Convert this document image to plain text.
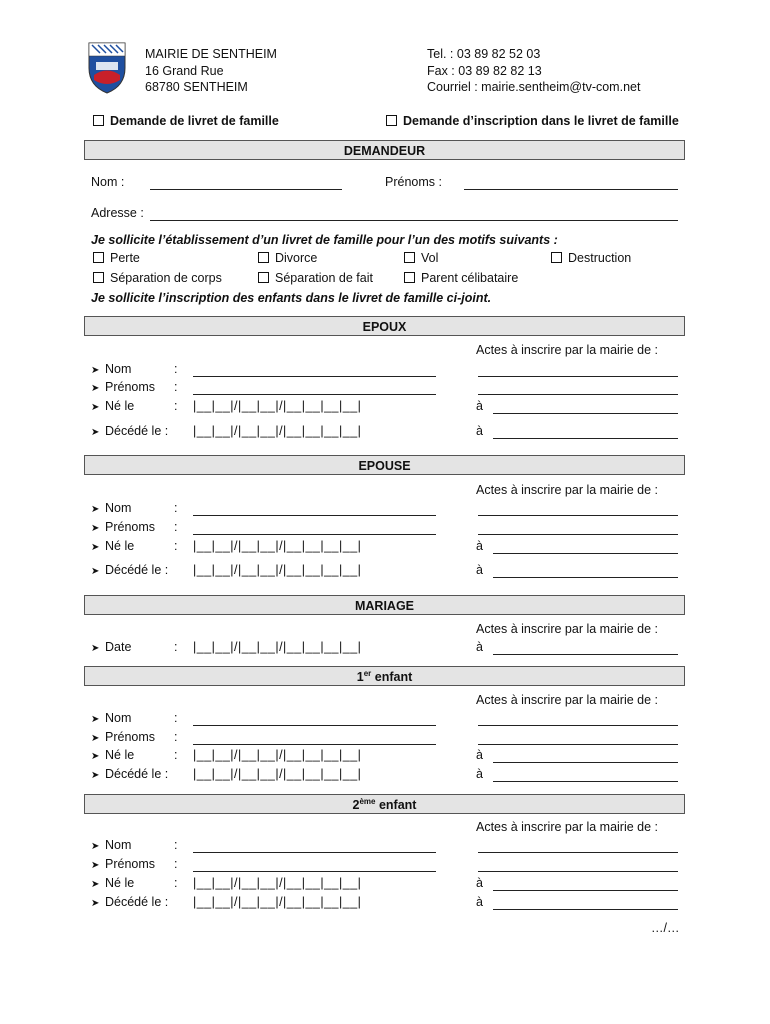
MAIRIE DE SENTHEIM
16 Grand Rue
68780 SENTHEIM
Tel. : 03 89 82 52 03
Fax : 03 89 82 82 13
Courriel : mairie.sentheim@tv-com.net
Demande de livret de famille	Demande d’inscription dans le livret de famille
DEMANDEUR
Nom :	Prénoms :
Adresse :
Je sollicite l’établissement d’un livret de famille pour l’un des motifs suivants :
Perte	Divorce	Vol	Destruction
Séparation de corps	Séparation de fait	Parent célibataire
Je sollicite l’inscription des enfants dans le livret de famille ci-joint.
EPOUX
Actes à inscrire par la mairie de :
➤ Nom	:
➤ Prénoms :
➤ Né le	: |__|__|/|__|__|/|__|__|__|__|	à
➤ Décédé le : |__|__|/|__|__|/|__|__|__|__|	à
EPOUSE
Actes à inscrire par la mairie de :
➤ Nom	:
➤ Prénoms :
➤ Né le	: |__|__|/|__|__|/|__|__|__|__|	à
➤ Décédé le : |__|__|/|__|__|/|__|__|__|__|	à
MARIAGE
Actes à inscrire par la mairie de :
➤ Date	: |__|__|/|__|__|/|__|__|__|__|	à
1er enfant
Actes à inscrire par la mairie de :
➤ Nom	:
➤ Prénoms :
➤ Né le	: |__|__|/|__|__|/|__|__|__|__|	à
➤ Décédé le : |__|__|/|__|__|/|__|__|__|__|	à
2ème enfant
Actes à inscrire par la mairie de :
➤ Nom	:
➤ Prénoms :
➤ Né le	: |__|__|/|__|__|/|__|__|__|__|	à
➤ Décédé le : |__|__|/|__|__|/|__|__|__|__|	à
…/…
